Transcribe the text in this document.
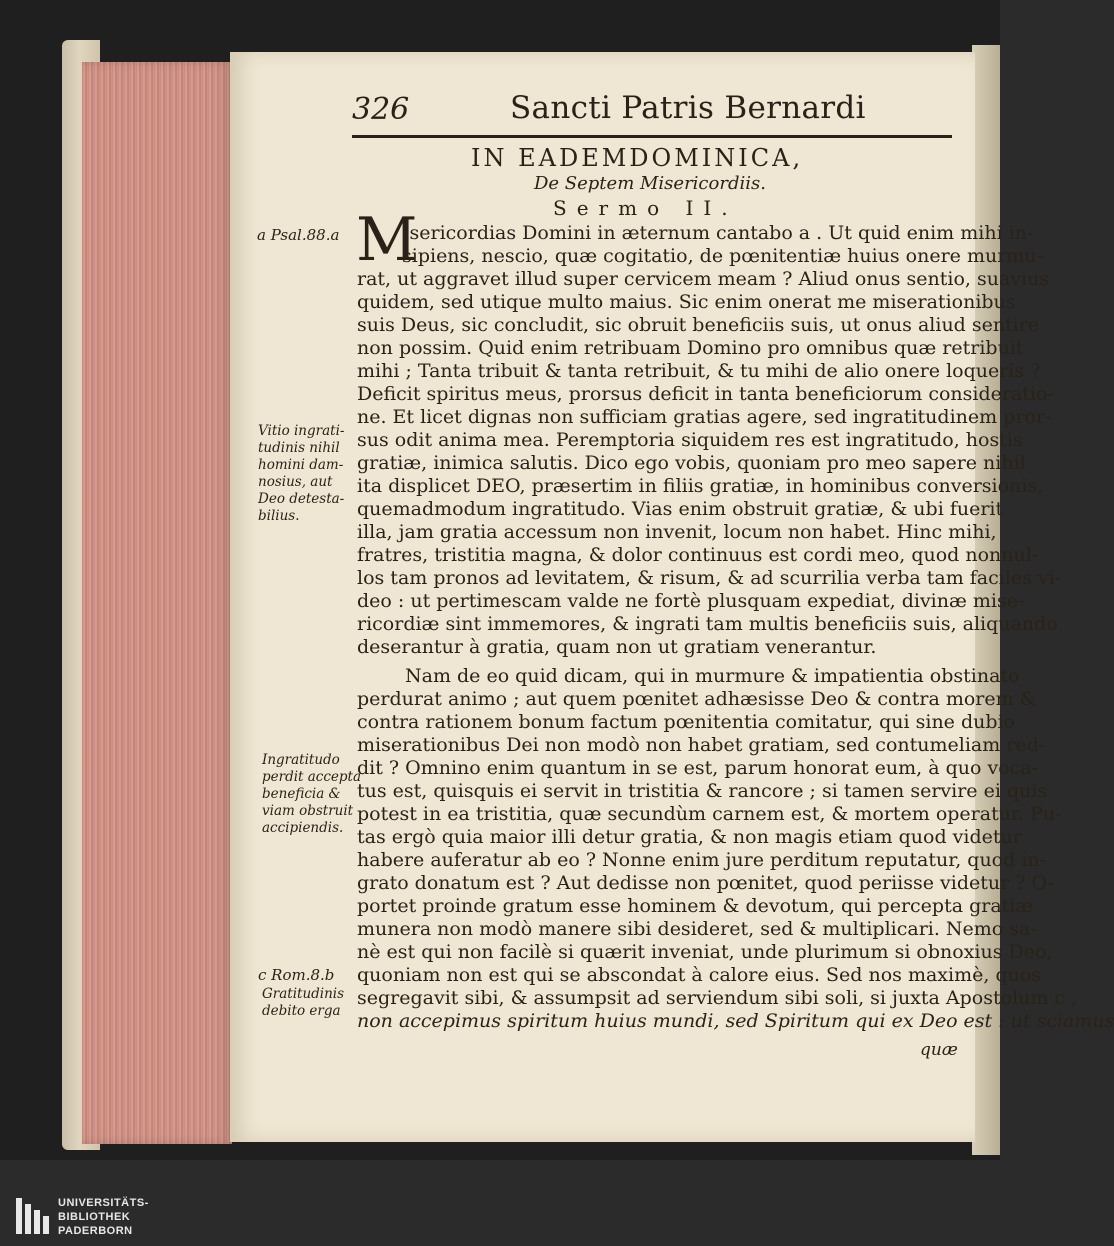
326	Sancti Patris Bernardi
IN EADEMDOMINICA,
De Septem Misericordiis.
Sermo II.
M
Isericordias Domini in æternum cantabo a . Ut quid enim mihi in-
sipiens, nescio, quæ cogitatio, de pœnitentiæ huius onere murmu-
rat, ut aggravet illud super cervicem meam ? Aliud onus sentio, suavius
quidem, sed utique multo maius. Sic enim onerat me miserationibus
suis Deus, sic concludit, sic obruit beneficiis suis, ut onus aliud sentire
non possim. Quid enim retribuam Domino pro omnibus quæ retribuit
mihi ; Tanta tribuit & tanta retribuit, & tu mihi de alio onere loqueris ?
Deficit spiritus meus, prorsus deficit in tanta beneficiorum consideratio-
ne. Et licet dignas non sufficiam gratias agere, sed ingratitudinem pror-
sus odit anima mea. Peremptoria siquidem res est ingratitudo, hostis
gratiæ, inimica salutis. Dico ego vobis, quoniam pro meo sapere nihil
ita displicet DEO, præsertim in filiis gratiæ, in hominibus conversionis,
quemadmodum ingratitudo. Vias enim obstruit gratiæ, & ubi fuerit
illa, jam gratia accessum non invenit, locum non habet. Hinc mihi,
fratres, tristitia magna, & dolor continuus est cordi meo, quod nonnul-
los tam pronos ad levitatem, & risum, & ad scurrilia verba tam faciles vi-
deo : ut pertimescam valde ne fortè plusquam expediat, divinæ mise-
ricordiæ sint immemores, & ingrati tam multis beneficiis suis, aliquando
deserantur à gratia, quam non ut gratiam venerantur.
Nam de eo quid dicam, qui in murmure & impatientia obstinato
perdurat animo ; aut quem pœnitet adhæsisse Deo & contra morem &
contra rationem bonum factum pœnitentia comitatur, qui sine dubio
miserationibus Dei non modò non habet gratiam, sed contumeliam red-
dit ? Omnino enim quantum in se est, parum honorat eum, à quo voca-
tus est, quisquis ei servit in tristitia & rancore ; si tamen servire ei quis
potest in ea tristitia, quæ secundùm carnem est, & mortem operatur. Pu-
tas ergò quia maior illi detur gratia, & non magis etiam quod videtur
habere auferatur ab eo ? Nonne enim jure perditum reputatur, quod in-
grato donatum est ? Aut dedisse non pœnitet, quod periisse videtur ? O-
portet proinde gratum esse hominem & devotum, qui percepta gratiæ
munera non modò manere sibi desideret, sed & multiplicari. Nemo sa-
nè est qui non facilè si quærit inveniat, unde plurimum si obnoxius Deo,
quoniam non est qui se abscondat à calore eius. Sed nos maximè, quos
segregavit sibi, & assumpsit ad serviendum sibi soli, si juxta Apostolum c ,
non accepimus spiritum huius mundi, sed Spiritum qui ex Deo est : ut sciamus
quæ
a Psal.88.a
Vitio ingrati-
tudinis nihil
homini dam-
nosius, aut
Deo detesta-
bilius.
Ingratitudo
perdit accepta
beneficia &
viam obstruit
accipiendis.
c Rom.8.b
Gratitudinis
debito erga
UNIVERSITÄTS-
BIBLIOTHEK
PADERBORN
